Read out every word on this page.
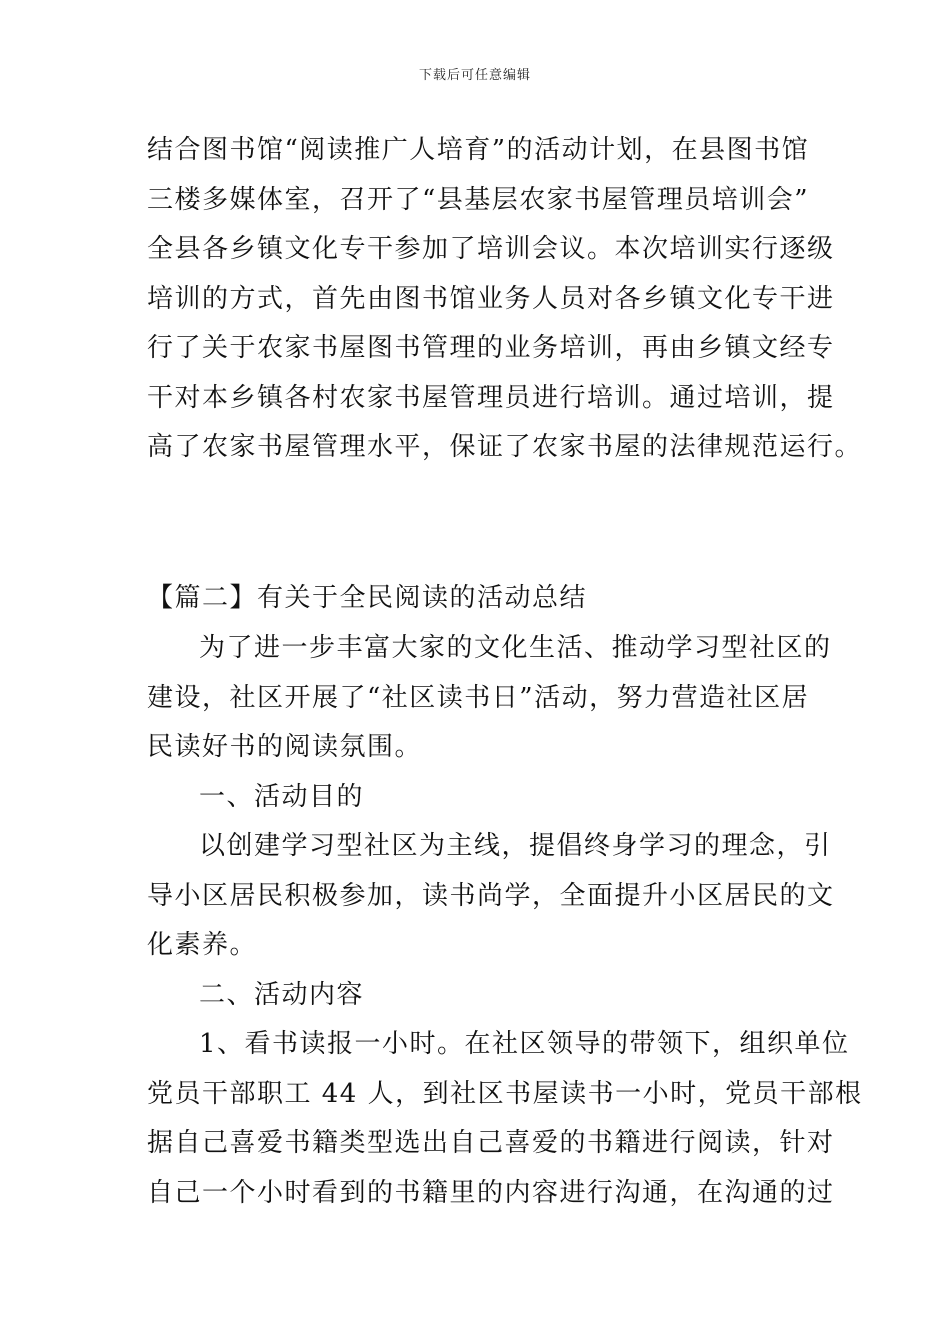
下载后可任意编辑
结合图书馆“阅读推广人培育”的活动计划，在县图书馆
三楼多媒体室，召开了“县基层农家书屋管理员培训会”
全县各乡镇文化专干参加了培训会议。本次培训实行逐级
培训的方式，首先由图书馆业务人员对各乡镇文化专干进
行了关于农家书屋图书管理的业务培训，再由乡镇文经专
干对本乡镇各村农家书屋管理员进行培训。通过培训，提
高了农家书屋管理水平，保证了农家书屋的法律规范运行。
【篇二】有关于全民阅读的活动总结
为了进一步丰富大家的文化生活、推动学习型社区的
建设，社区开展了“社区读书日”活动，努力营造社区居
民读好书的阅读氛围。
一、活动目的
以创建学习型社区为主线，提倡终身学习的理念，引
导小区居民积极参加，读书尚学，全面提升小区居民的文
化素养。
二、活动内容
1、看书读报一小时。在社区领导的带领下，组织单位
党员干部职工 44 人，到社区书屋读书一小时，党员干部根
据自己喜爱书籍类型选出自己喜爱的书籍进行阅读，针对
自己一个小时看到的书籍里的内容进行沟通，在沟通的过
